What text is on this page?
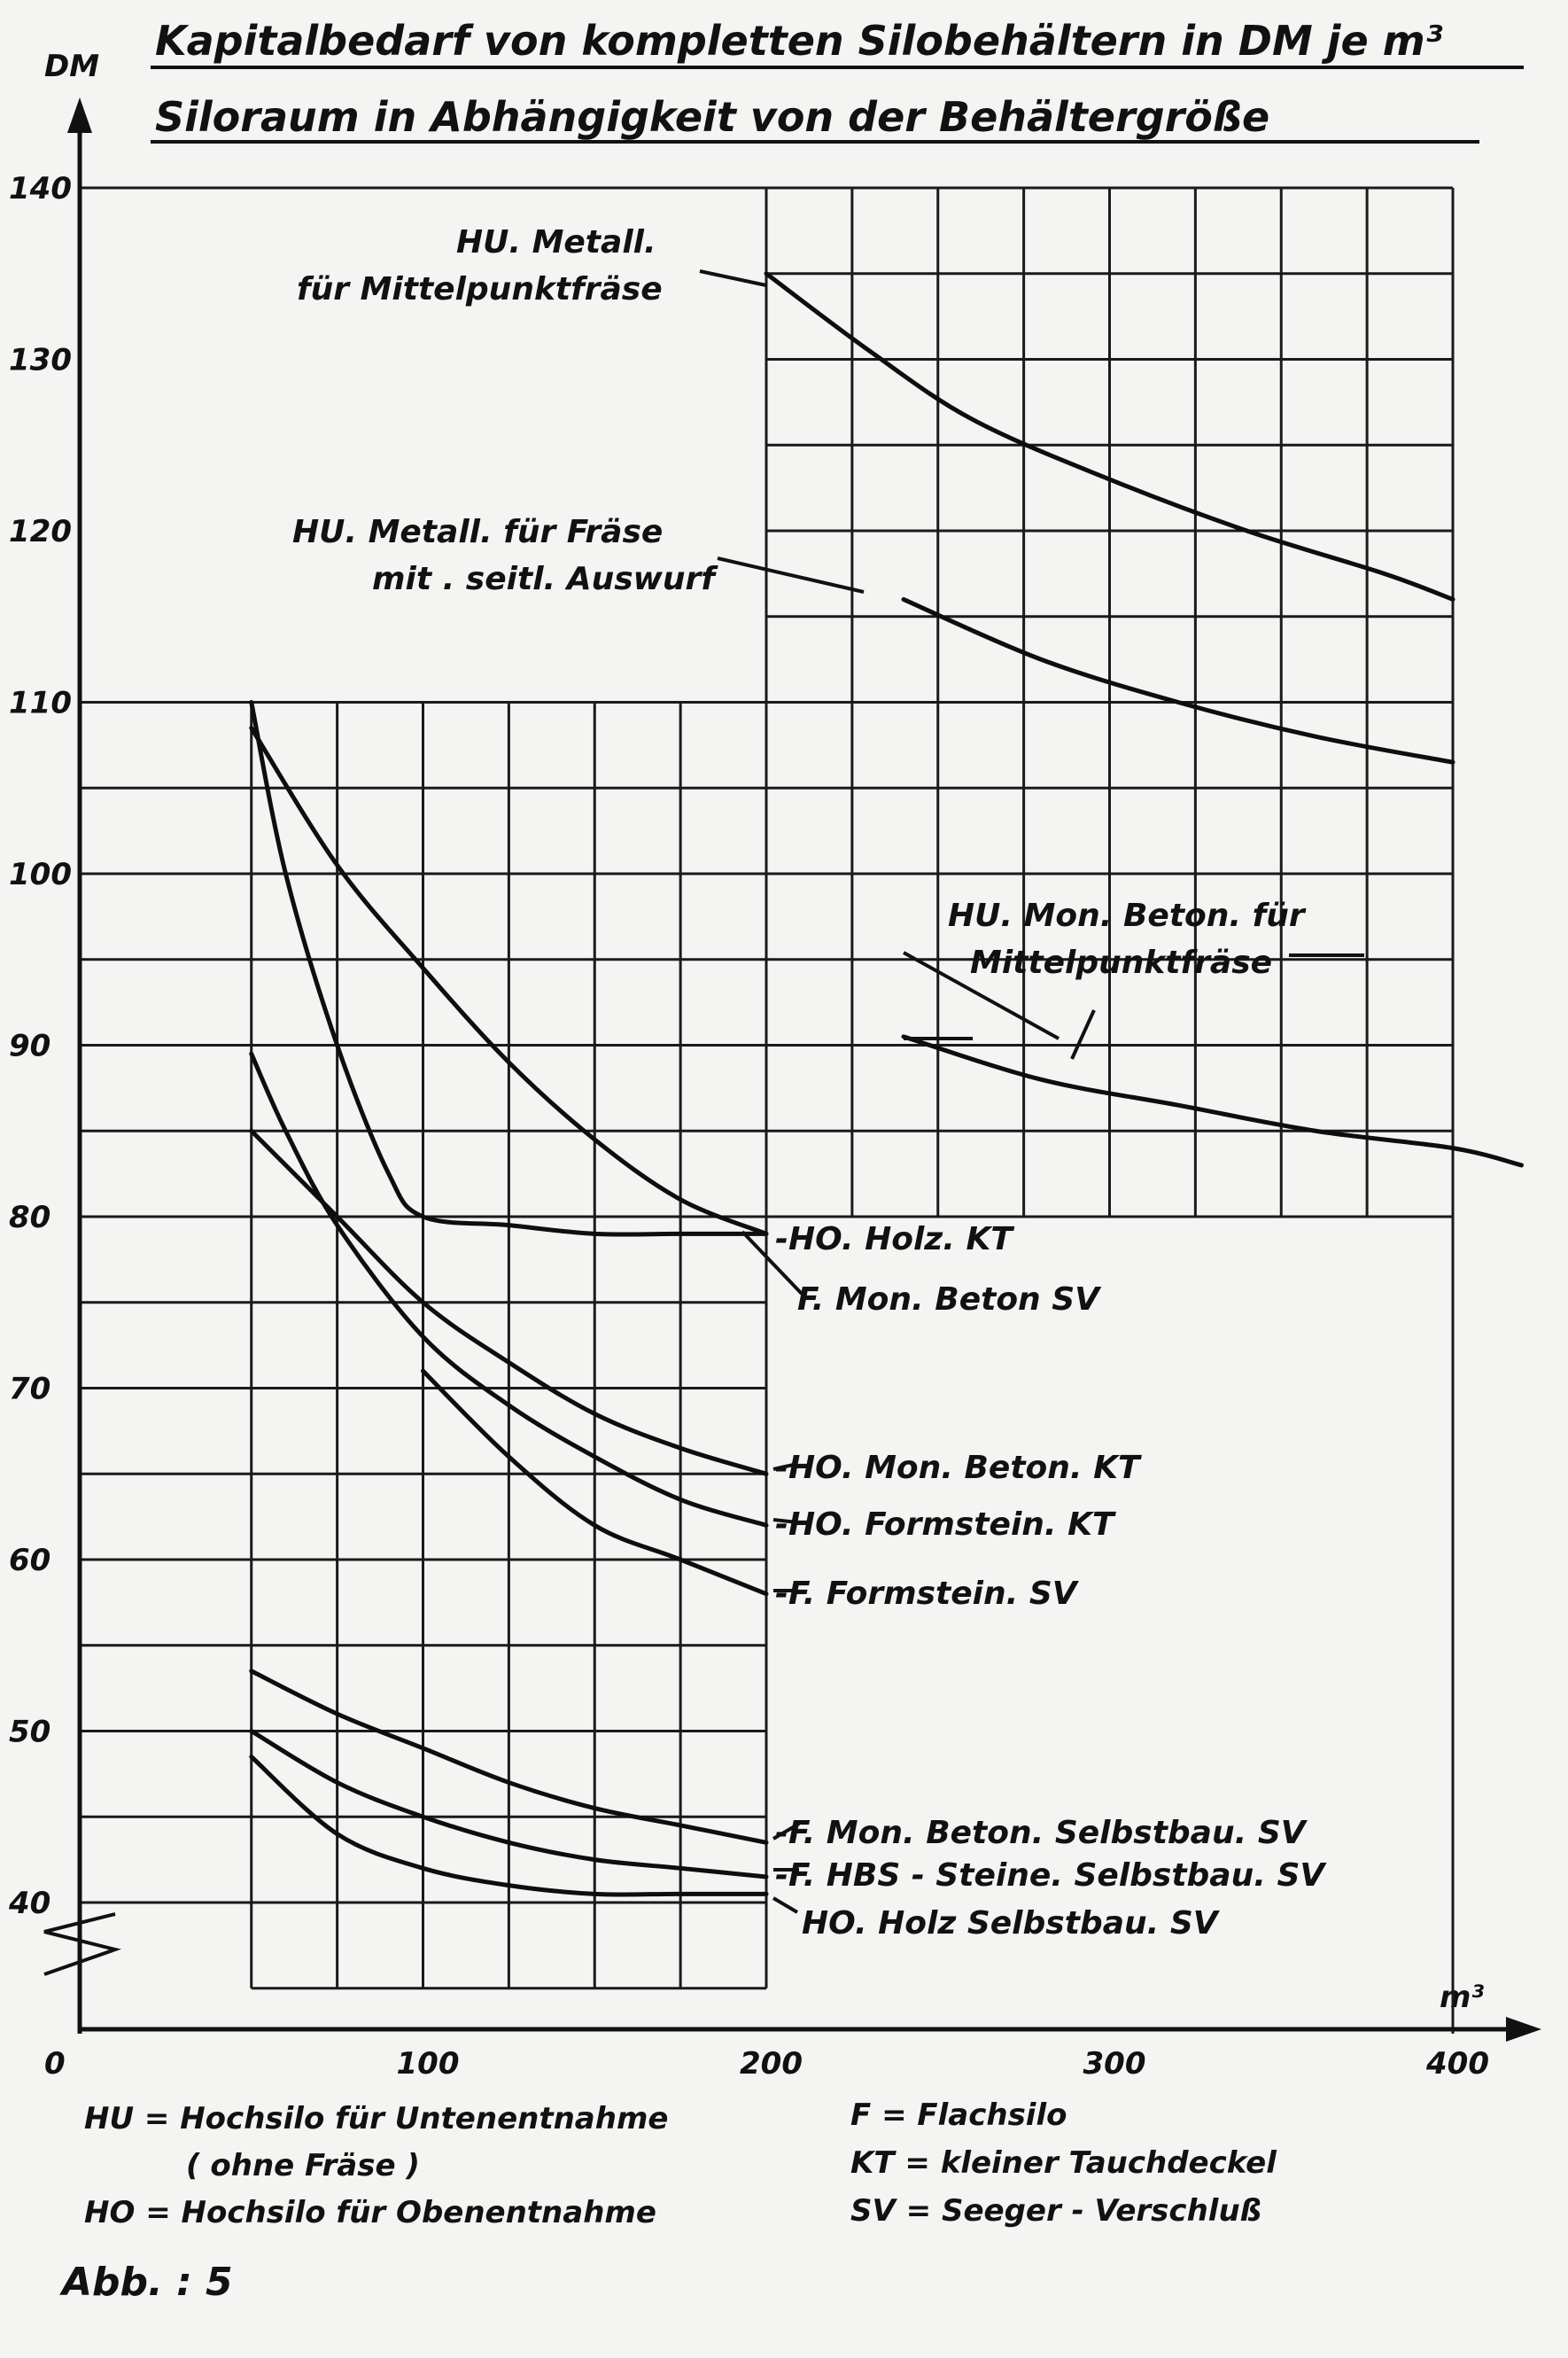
Kapitalbedarf von kompletten Silobehältern in DM je m³
Siloraum in Abhängigkeit von der Behältergröße
DM
m³
0
40
50
60
70
80
90
100
110
120
130
140
100	200	300	400
HU. Metall.
für Mittelpunktfräse
HU. Metall. für Fräse
mit . seitl. Auswurf
HU. Mon. Beton. für
Mittelpunktfräse
-HO. Holz. KT
F. Mon. Beton SV
-HO. Mon. Beton. KT
-HO. Formstein. KT
-F. Formstein. SV
-F. Mon. Beton. Selbstbau. SV
-F. HBS - Steine. Selbstbau. SV
HO. Holz Selbstbau. SV
HU = Hochsilo für Untenentnahme
( ohne Fräse )
HO = Hochsilo für Obenentnahme
F = Flachsilo
KT = kleiner Tauchdeckel
SV = Seeger - Verschluß
Abb. : 5
